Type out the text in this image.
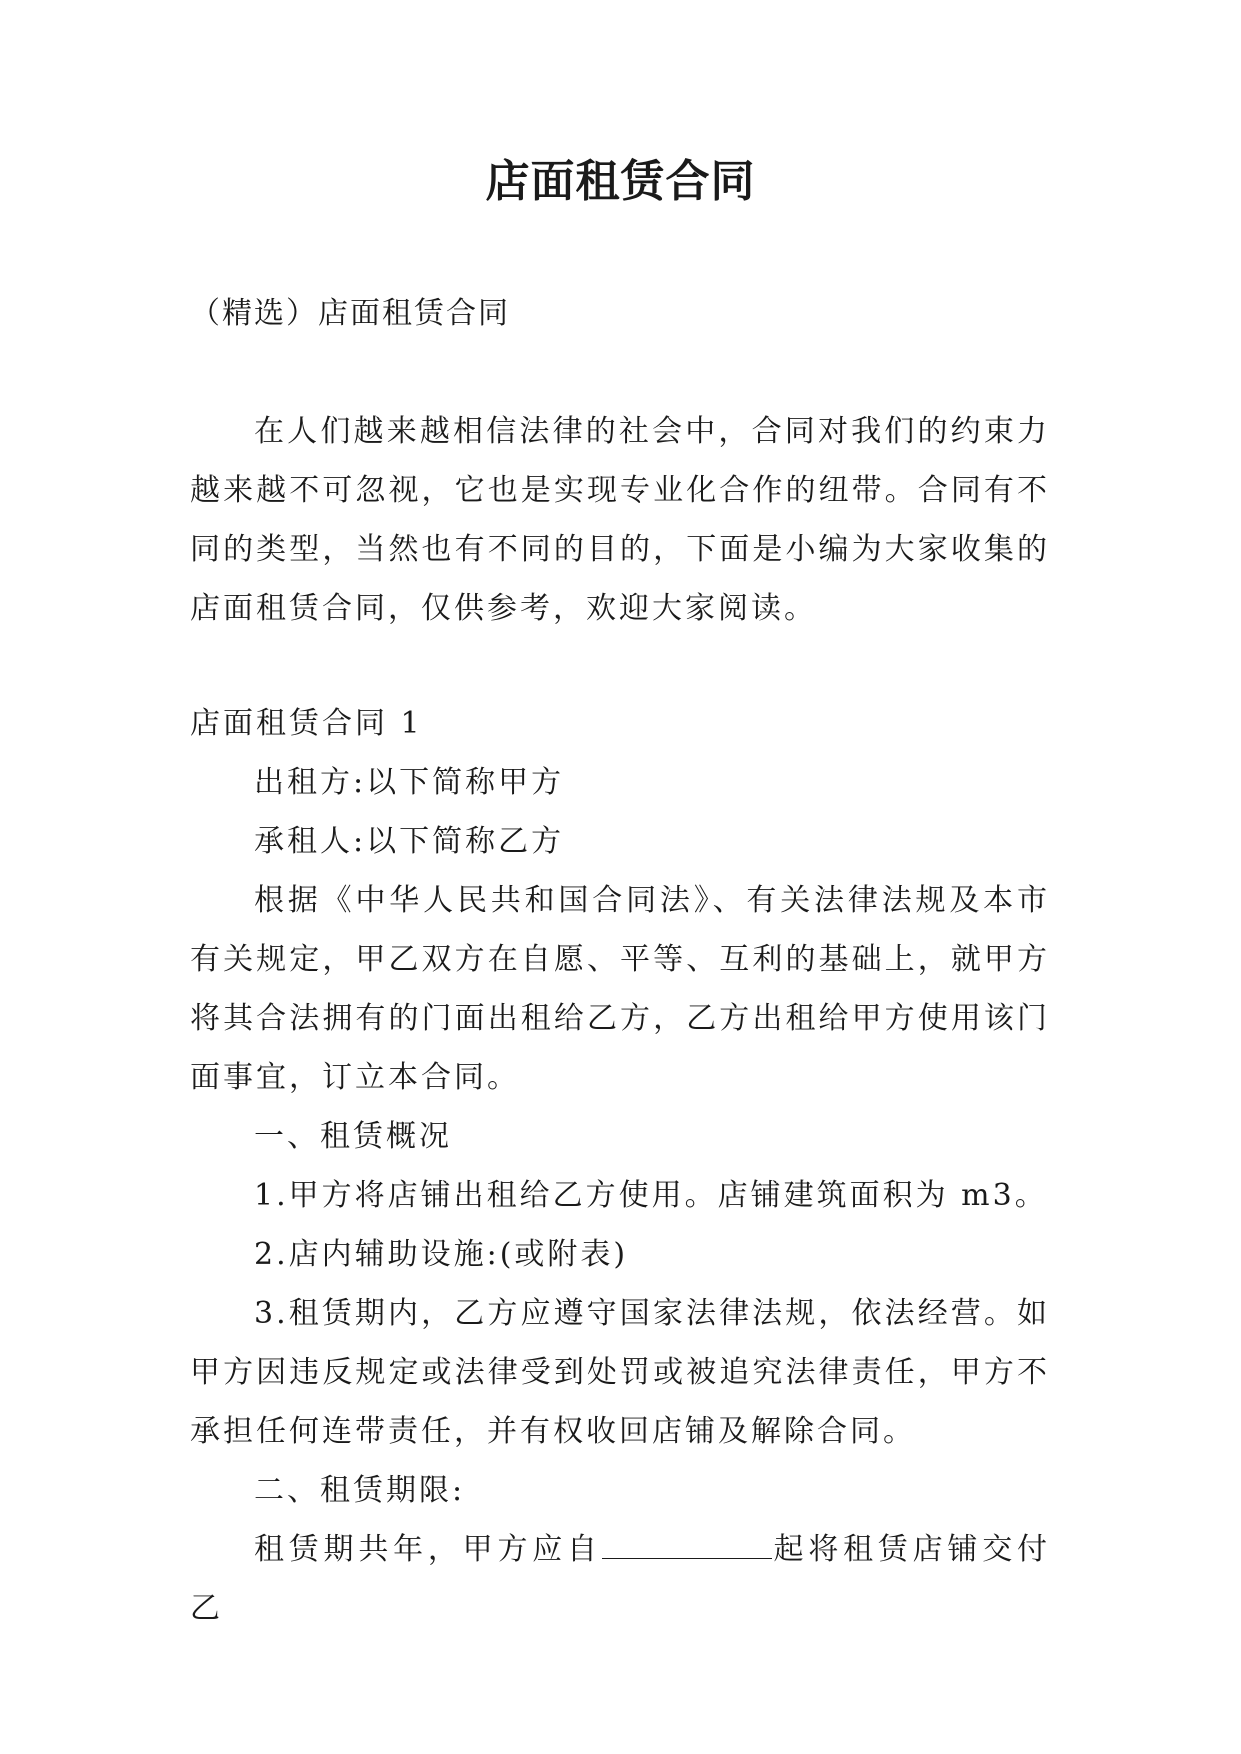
店面租赁合同
（精选）店面租赁合同

在人们越来越相信法律的社会中，合同对我们的约束力越来越不可忽视，它也是实现专业化合作的纽带。合同有不同的类型，当然也有不同的目的，下面是小编为大家收集的店面租赁合同，仅供参考，欢迎大家阅读。

店面租赁合同 1

出租方:以下简称甲方

承租人:以下简称乙方

根据《中华人民共和国合同法》、有关法律法规及本市有关规定，甲乙双方在自愿、平等、互利的基础上，就甲方将其合法拥有的门面出租给乙方，乙方出租给甲方使用该门面事宜，订立本合同。

一、租赁概况

1.甲方将店铺出租给乙方使用。店铺建筑面积为 m3。

2.店内辅助设施:(或附表)

3.租赁期内，乙方应遵守国家法律法规，依法经营。如甲方因违反规定或法律受到处罚或被追究法律责任，甲方不承担任何连带责任，并有权收回店铺及解除合同。

二、租赁期限:

租赁期共年，甲方应自	起将租赁店铺交付乙
